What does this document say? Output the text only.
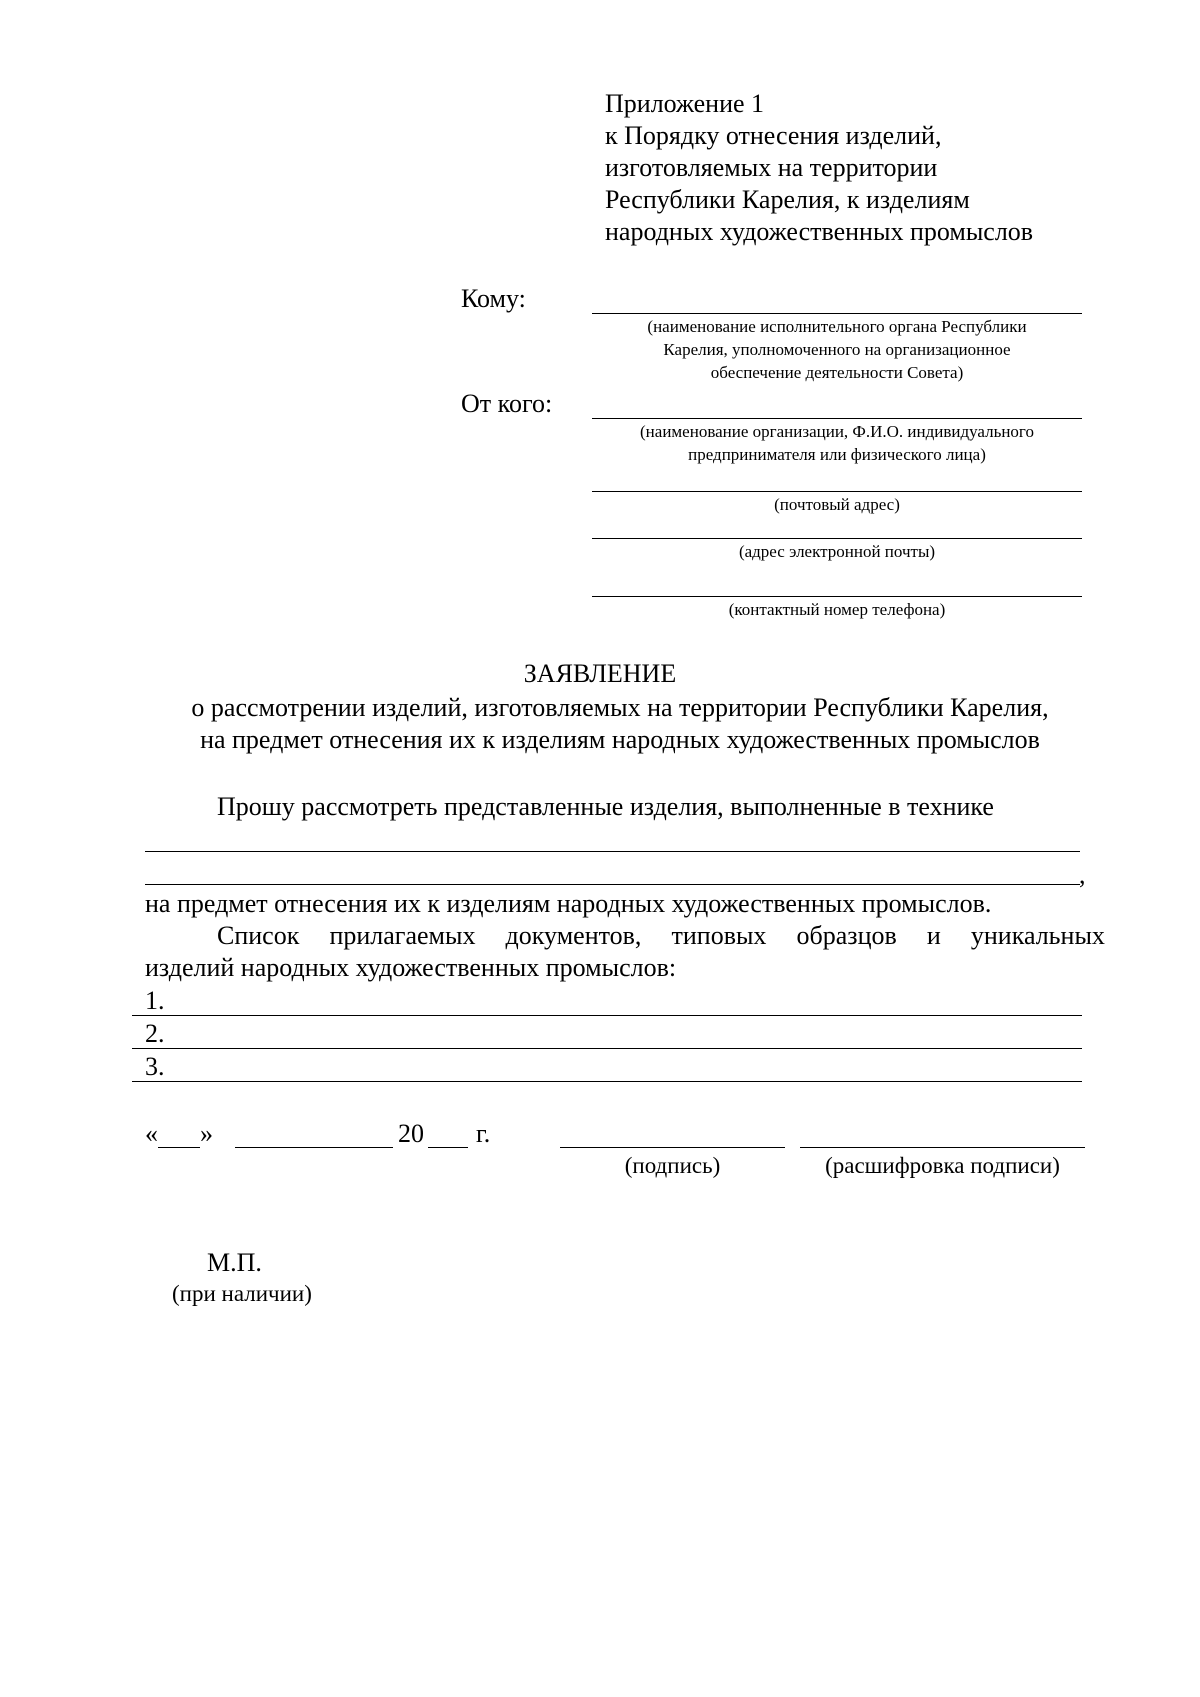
Приложение 1
к Порядку отнесения изделий,
изготовляемых на территории
Республики Карелия, к изделиям
народных художественных промыслов
Кому:
(наименование исполнительного органа Республики
Карелия, уполномоченного на организационное
обеспечение деятельности Совета)
От кого:
(наименование организации, Ф.И.О. индивидуального
предпринимателя или физического лица)
(почтовый адрес)
(адрес электронной почты)
(контактный номер телефона)
ЗАЯВЛЕНИЕ
о рассмотрении изделий, изготовляемых на территории Республики Карелия,
на предмет отнесения их к изделиям народных художественных промыслов
Прошу рассмотреть представленные изделия, выполненные в технике
,
на предмет отнесения их к изделиям народных художественных промыслов.
Список прилагаемых документов, типовых образцов и уникальных
изделий народных художественных промыслов:
1.
2.
3.
« »	20 г.
(подпись)	(расшифровка подписи)
М.П.
(при наличии)
